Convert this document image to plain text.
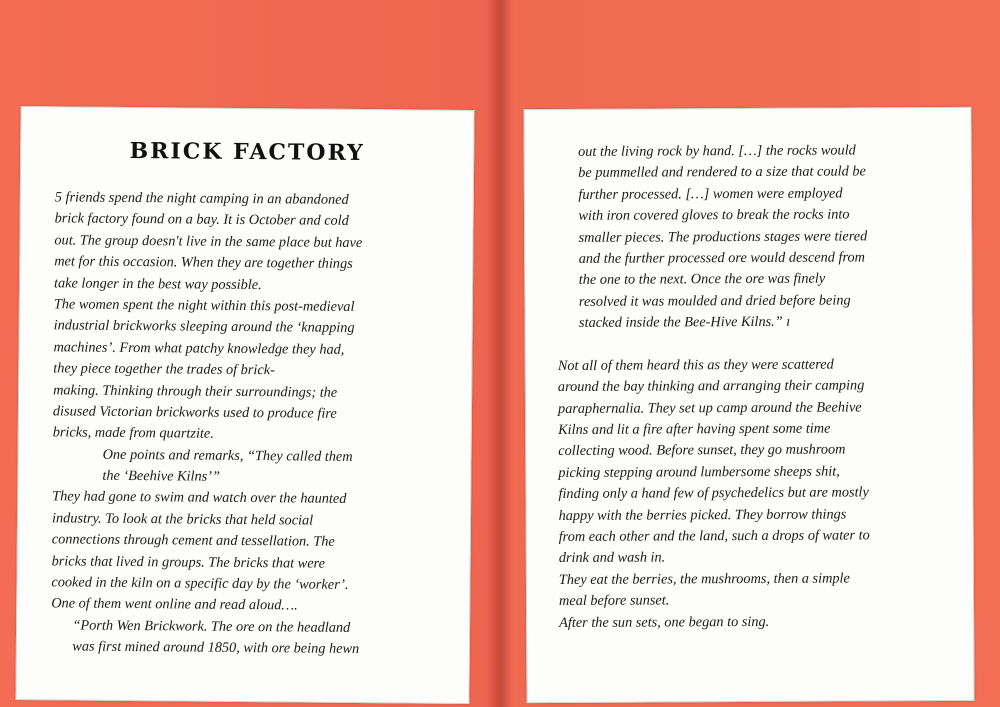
BRICK FACTORY
5 friends spend the night camping in an abandoned
brick factory found on a bay. It is October and cold
out. The group doesn't live in the same place but have
met for this occasion. When they are together things
take longer in the best way possible.
The women spent the night within this post-medieval
industrial brickworks sleeping around the ‘knapping
machines’. From what patchy knowledge they had,
they piece together the trades of brick-
making. Thinking through their surroundings; the
disused Victorian brickworks used to produce fire
bricks, made from quartzite.
One points and remarks, “They called them
the ‘Beehive Kilns’”
They had gone to swim and watch over the haunted
industry. To look at the bricks that held social
connections through cement and tessellation. The
bricks that lived in groups. The bricks that were
cooked in the kiln on a specific day by the ‘worker’.
One of them went online and read aloud….
“Porth Wen Brickwork. The ore on the headland
was first mined around 1850, with ore being hewn
out the living rock by hand. […] the rocks would
be pummelled and rendered to a size that could be
further processed. […] women were employed
with iron covered gloves to break the rocks into
smaller pieces. The productions stages were tiered
and the further processed ore would descend from
the one to the next. Once the ore was finely
resolved it was moulded and dried before being
stacked inside the Bee-Hive Kilns.” ı
Not all of them heard this as they were scattered
around the bay thinking and arranging their camping
paraphernalia. They set up camp around the Beehive
Kilns and lit a fire after having spent some time
collecting wood. Before sunset, they go mushroom
picking stepping around lumbersome sheeps shit,
finding only a hand few of psychedelics but are mostly
happy with the berries picked. They borrow things
from each other and the land, such a drops of water to
drink and wash in.
They eat the berries, the mushrooms, then a simple
meal before sunset.
After the sun sets, one began to sing.
